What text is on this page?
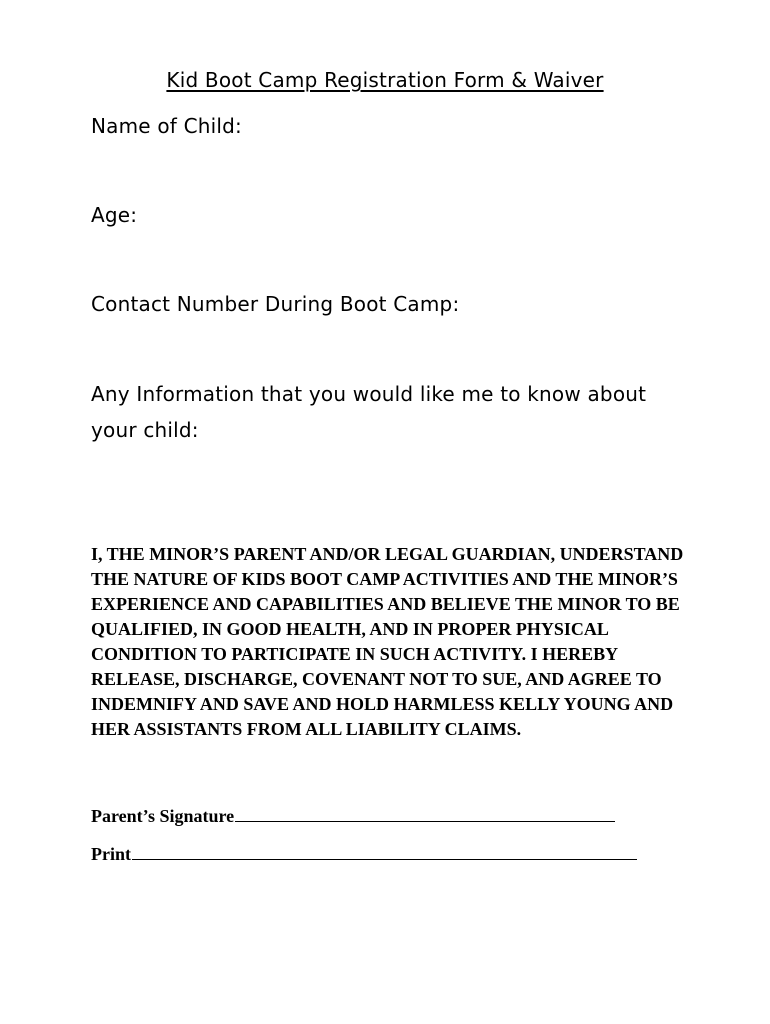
Kid Boot Camp Registration Form & Waiver
Name of Child:
Age:
Contact Number During Boot Camp:
Any Information that you would like me to know about your child:
I, THE MINOR’S PARENT AND/OR LEGAL GUARDIAN, UNDERSTAND THE NATURE OF KIDS BOOT CAMP ACTIVITIES AND THE MINOR’S EXPERIENCE AND CAPABILITIES AND BELIEVE THE MINOR TO BE QUALIFIED, IN GOOD HEALTH, AND IN PROPER PHYSICAL CONDITION TO PARTICIPATE IN SUCH ACTIVITY. I HEREBY RELEASE, DISCHARGE, COVENANT NOT TO SUE, AND AGREE TO INDEMNIFY AND SAVE AND HOLD HARMLESS KELLY YOUNG AND HER ASSISTANTS FROM ALL LIABILITY CLAIMS.
Parent’s Signature
Print
